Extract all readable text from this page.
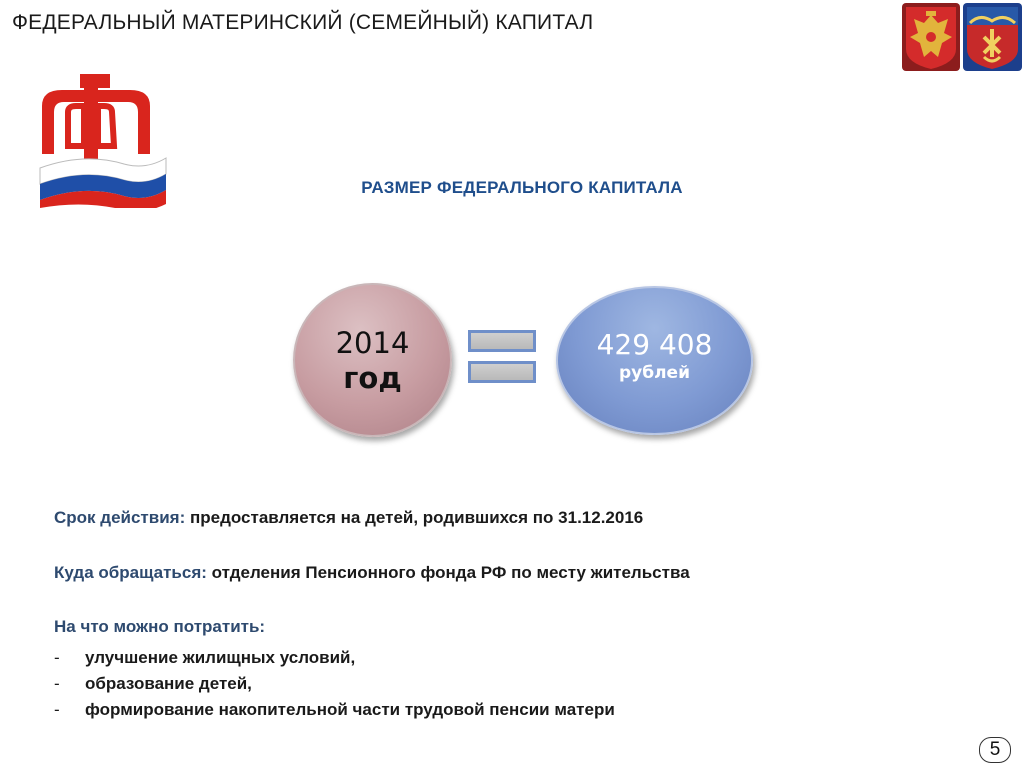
ФЕДЕРАЛЬНЫЙ МАТЕРИНСКИЙ (СЕМЕЙНЫЙ) КАПИТАЛ
РАЗМЕР ФЕДЕРАЛЬНОГО КАПИТАЛА
2014
год
429 408
рублей
Срок действия: предоставляется на детей, родившихся по 31.12.2016
Куда обращаться: отделения Пенсионного фонда РФ по месту жительства
На что можно потратить:
- улучшение жилищных условий,
- образование детей,
- формирование накопительной части трудовой пенсии матери
5
